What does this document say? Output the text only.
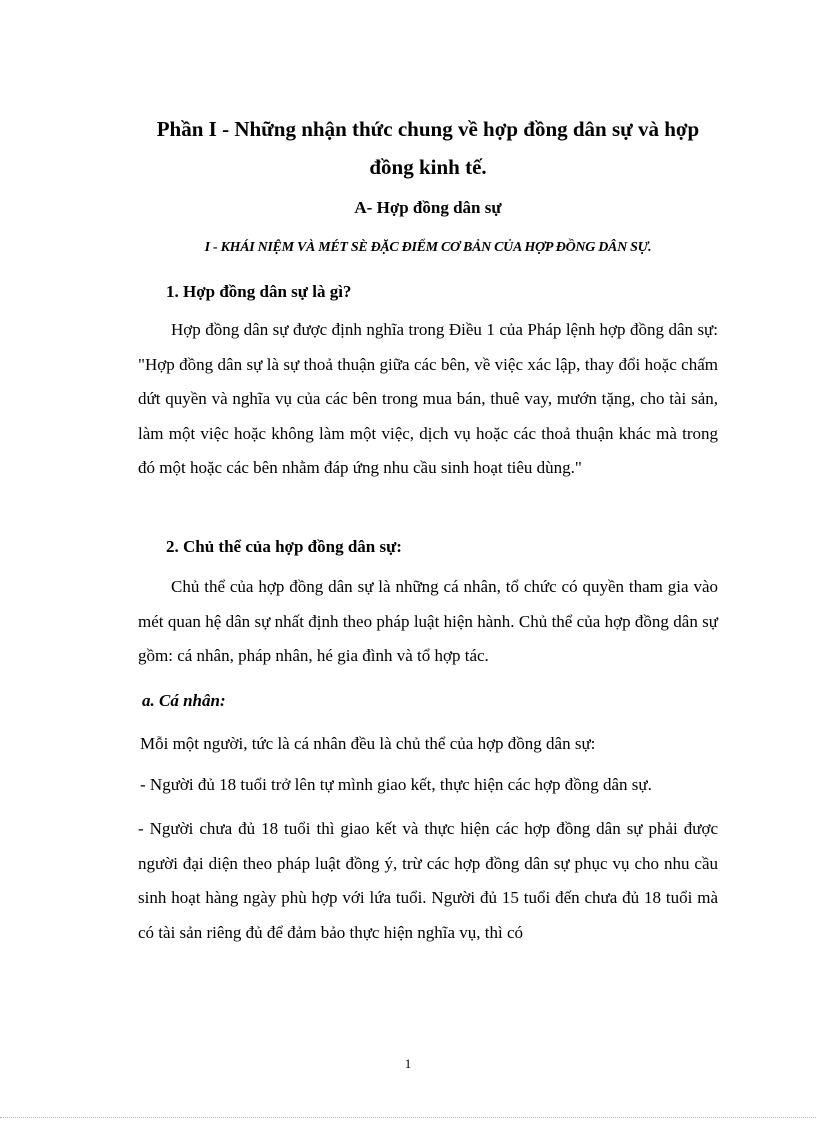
Phần I - Những nhận thức chung về hợp đồng dân sự và hợp đồng kinh tế.
A- Hợp đồng dân sự
I - KHÁI NIỆM VÀ MÉT SÈ ĐẶC ĐIỂM CƠ BẢN CỦA HỢP ĐỒNG DÂN SỰ.
1. Hợp đồng dân sự là gì?
Hợp đồng dân sự được định nghĩa trong Điều 1 của Pháp lệnh hợp đồng dân sự: "Hợp đồng dân sự là sự thoả thuận giữa các bên, về việc xác lập, thay đổi hoặc chấm dứt quyền và nghĩa vụ của các bên trong mua bán, thuê vay, mướn tặng, cho tài sản, làm một việc hoặc không làm một việc, dịch vụ hoặc các thoả thuận khác mà trong đó một hoặc các bên nhằm đáp ứng nhu cầu sinh hoạt tiêu dùng."
2. Chủ thể của hợp đồng dân sự:
Chủ thể của hợp đồng dân sự là những cá nhân, tổ chức có quyền tham gia vào mét quan hệ dân sự nhất định theo pháp luật hiện hành. Chủ thể của hợp đồng dân sự gồm: cá nhân, pháp nhân, hé gia đình và tổ hợp tác.
a. Cá nhân:
Mỗi một người, tức là cá nhân đều là chủ thể của hợp đồng dân sự:
- Người đủ 18 tuổi trở lên tự mình giao kết, thực hiện các hợp đồng dân sự.
- Người chưa đủ 18 tuổi thì giao kết và thực hiện các hợp đồng dân sự phải được người đại diện theo pháp luật đồng ý, trừ các hợp đồng dân sự phục vụ cho nhu cầu sinh hoạt hàng ngày phù hợp với lứa tuổi. Người đủ 15 tuổi đến chưa đủ 18 tuổi mà có tài sản riêng đủ để đảm bảo thực hiện nghĩa vụ, thì có
1
